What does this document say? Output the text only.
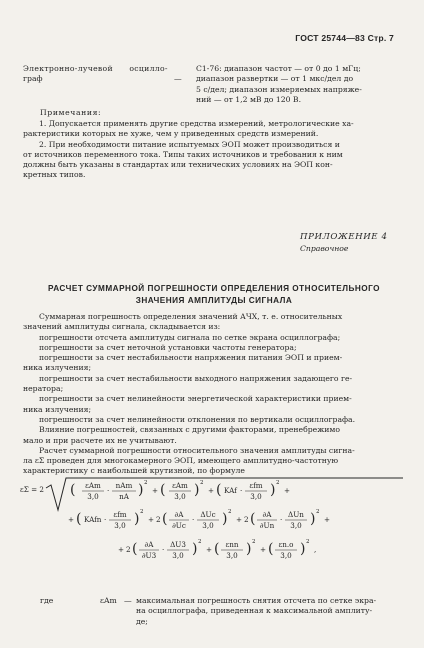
ГОСТ 25744—83 Стр. 7
Электронно-лучевой      осцилло-
граф	—
С1-76: диапазон частот — от 0 до 1 мГц;
диапазон развертки — от 1 мкс/дел до
5 с/дел; диапазон измеряемых напряже-
ний — от 1,2 мВ до 120 В.
Примечания:
1. Допускается применять другие средства измерений, метрологические ха-
рактеристики которых не хуже, чем у приведенных средств измерений.
2. При необходимости питание испытуемых ЭОП может производиться и
от источников переменного тока. Типы таких источников и требования к ним
должны быть указаны в стандартах или технических условиях на ЭОП кон-
кретных типов.
ПРИЛОЖЕНИЕ 4
Справочное
РАСЧЕТ СУММАРНОЙ ПОГРЕШНОСТИ ОПРЕДЕЛЕНИЯ ОТНОСИТЕЛЬНОГО
ЗНАЧЕНИЯ АМПЛИТУДЫ СИГНАЛА
Суммарная погрешность определения значений АЧХ, т. е. относительных
значений амплитуды сигнала, складывается из:
погрешности отсчета амплитуды сигнала по сетке экрана осциллографа;
погрешности за счет неточной установки частоты генератора;
погрешности за счет нестабильности напряжения питания ЭОП и прием-
ника излучения;
погрешности за счет нестабильности выходного напряжения задающего ге-
нератора;
погрешности за счет нелинейности энергетической характеристики прием-
ника излучения;
погрешности за счет нелинейности отклонения по вертикали осциллографа.
Влияние погрешностей, связанных с другими факторами, пренебрежимо
мало и при расчете их не учитывают.
Расчет суммарной погрешности относительного значения амплитуды сигна-
ла εΣ проведен для многокамерного ЭОП, имеющего амплитудно-частотную
характеристику с наибольшей крутизной, по формуле
εΣ = 2 ( εAm
3,0
·
nAm
nA ) 2
+ ( εAm
3,0 ) 2
+ ( KAf ·
εfm
3,0 ) 2
+
+ ( KAfn ·
εfm
3,0 ) 2
+ 2 ( ∂A
∂Uc
·
ΔUc
3,0 ) 2
+ 2 ( ∂A
∂Un
·
ΔUn
3,0 ) 2
+
+ 2 ( ∂A
∂U3
·
ΔU3
3,0 ) 2
+ ( εnn
3,0 ) 2
+ ( εn.o
3,0 ) 2
,
где	εAm — максимальная погрешность снятия отсчета по сетке экра-
на осциллографа, приведенная к максимальной амплиту-
де;
